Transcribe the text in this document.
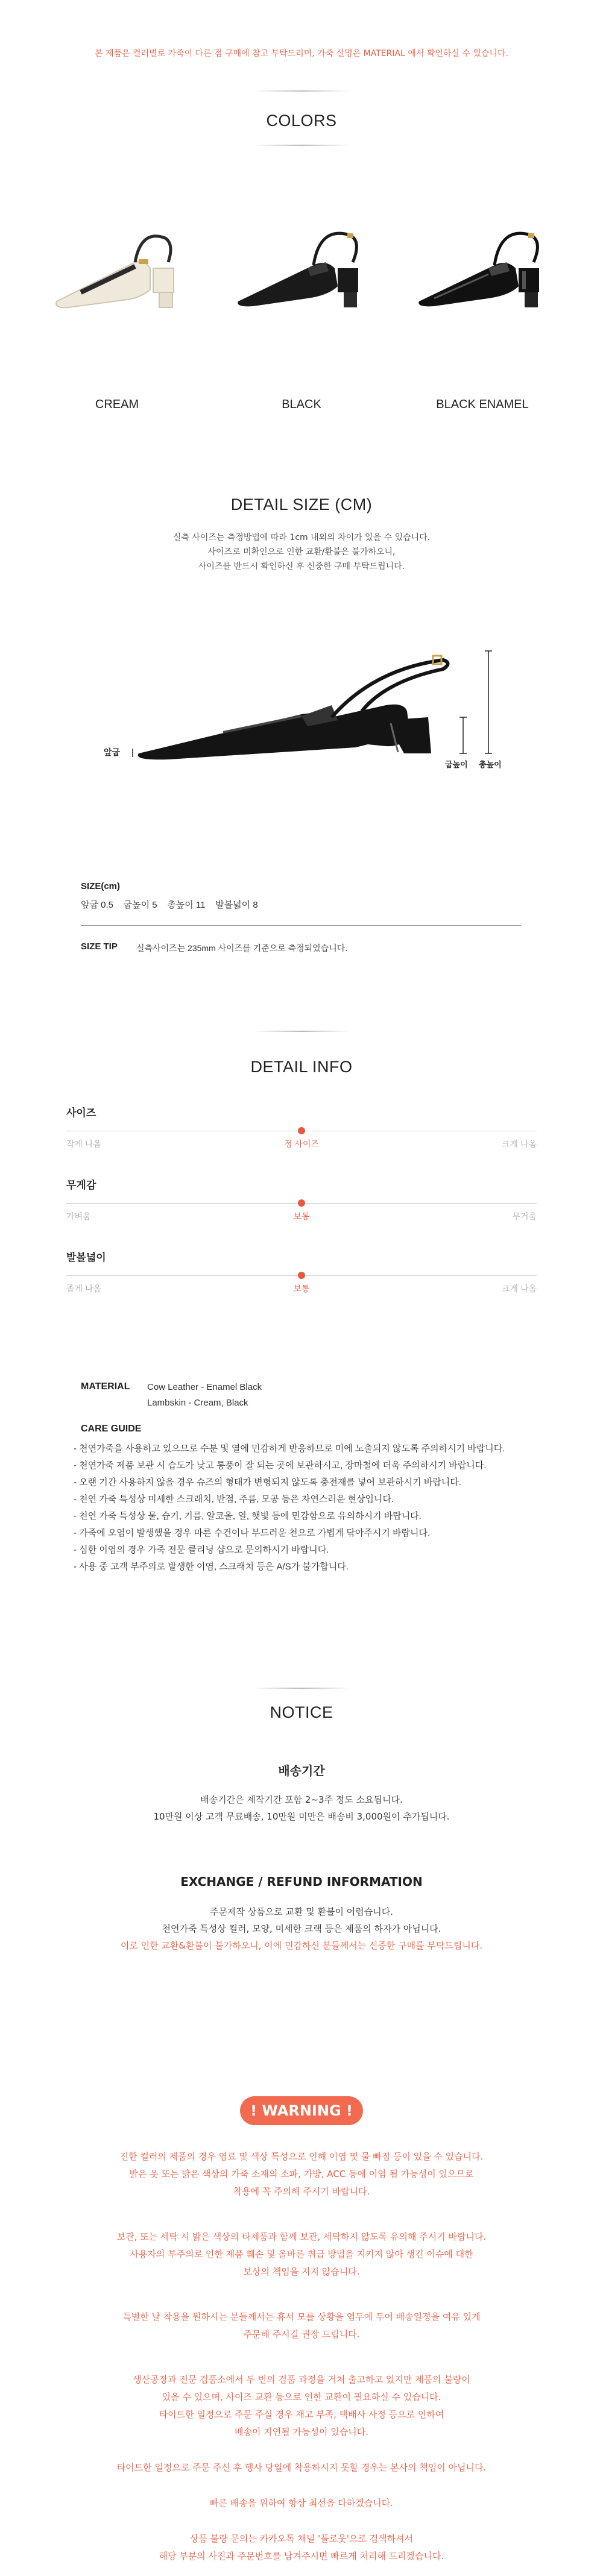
본 제품은 컬러별로 가죽이 다른 점 구매에 참고 부탁드리며, 가죽 설명은 MATERIAL 에서 확인하실 수 있습니다.
COLORS
CREAM	BLACK	BLACK ENAMEL
DETAIL SIZE (CM)
실측 사이즈는 측정방법에 따라 1cm 내외의 차이가 있을 수 있습니다.
사이즈로 미확인으로 인한 교환/환불은 불가하오니,
사이즈를 반드시 확인하신 후 신중한 구매 부탁드립니다.
앞굽
굽높이 총높이
SIZE(cm)
앞굽 0.5    굽높이 5    총높이 11    발볼넓이 8
SIZE TIP 실측사이즈는 235mm 사이즈를 기준으로 측정되었습니다.
DETAIL INFO
사이즈
작게 나옴	정 사이즈	크게 나옴
무게감
가벼움	보통	무거움
발볼넓이
좁게 나옴	보통	크게 나옴
MATERIAL Cow Leather - Enamel Black
Lambskin - Cream, Black
CARE GUIDE
- 천연가죽을 사용하고 있으므로 수분 및 열에 민감하게 반응하므로 미에 노출되지 않도록 주의하시기 바랍니다.
- 천연가죽 제품 보관 시 습도가 낮고 통풍이 잘 되는 곳에 보관하시고, 장마철에 더욱 주의하시기 바랍니다.
- 오랜 기간 사용하지 않을 경우 슈즈의 형태가 변형되지 않도록 충전재를 넣어 보관하시기 바랍니다.
- 천연 가죽 특성상 미세한 스크래치, 반점, 주름, 모공 등은 자연스러운 현상입니다.
- 천연 가죽 특성상 물, 습기, 기름, 알코올, 열, 햇빛 등에 민감함으로 유의하시기 바랍니다.
- 가죽에 오염이 발생했을 경우 마른 수건이나 부드러운 천으로 가볍게 닦아주시기 바랍니다.
- 심한 이염의 경우 가죽 전문 클리닝 샵으로 문의하시기 바랍니다.
- 사용 중 고객 부주의로 발생한 이염, 스크래치 등은 A/S가 불가합니다.
NOTICE
배송기간
배송기간은 제작기간 포함 2~3주 정도 소요됩니다.
10만원 이상 고객 무료배송, 10만원 미만은 배송비 3,000원이 추가됩니다.
EXCHANGE / REFUND INFORMATION
주문제작 상품으로 교환 및 환불이 어렵습니다.
천연가죽 특성상 컬러, 모양, 미세한 크랙 등은 제품의 하자가 아닙니다.
이로 인한 교환&환불이 불가하오니, 이에 민감하신 분들께서는 신중한 구매를 부탁드립니다.
! WARNING !
진한 컬러의 제품의 경우 염료 및 색상 특성으로 인해 이염 및 물 빠짐 등이 있을 수 있습니다.
밝은 옷 또는 밝은 색상의 가죽 소재의 소파, 가방, ACC 등에 이염 될 가능성이 있으므로
착용에 꼭 주의해 주시기 바랍니다.
보관, 또는 세탁 시 밝은 색상의 타제품과 함께 보관, 세탁하지 않도록 유의해 주시기 바랍니다.
사용자의 부주의로 인한 제품 훼손 및 올바른 취급 방법을 지키지 않아 생긴 이슈에 대한
보상의 책임을 지지 않습니다.
특별한 날 착용을 원하시는 분들께서는 휴서 모를 상황을 염두에 두어 배송일정을 여유 있게
주문해 주시길 권장 드립니다.
생산공장과 전문 검품소에서 두 번의 검품 과정을 거쳐 출고하고 있지만 제품의 불량이
있을 수 있으며, 사이즈 교환 등으로 인한 교환이 필요하실 수 있습니다.
타이트한 일정으로 주문 주실 경우 재고 부족, 택배사 사정 등으로 인하여
배송이 지연될 가능성이 있습니다.
타이트한 일정으로 주문 주신 후 행사 당일에 착용하시지 못할 경우는 본사의 책임이 아닙니다.
빠른 배송을 위하여 항상 최선을 다하겠습니다.
상품 불량 문의는 카카오톡 채널 '플로웃'으로 검색하셔서
해당 부분의 사진과 주문번호를 남겨주시면 빠르게 처리해 드리겠습니다.
